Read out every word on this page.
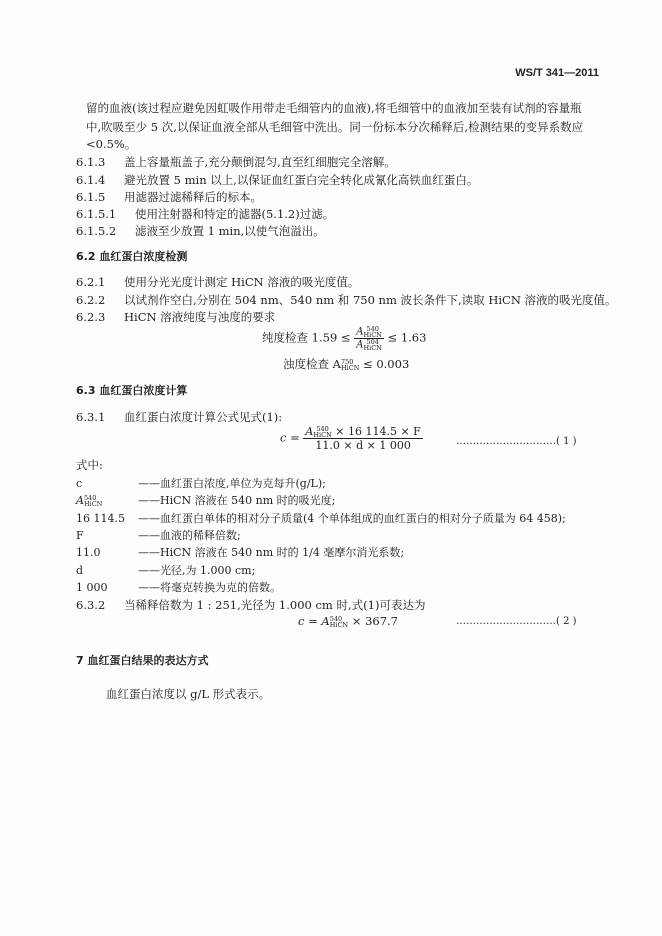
WS/T 341—2011
留的血液(该过程应避免因虹吸作用带走毛细管内的血液),将毛细管中的血液加至装有试剂的容量瓶
中,吹吸至少 5 次,以保证血液全部从毛细管中洗出。同一份标本分次稀释后,检测结果的变异系数应
<0.5%。
6.1.3 盖上容量瓶盖子,充分颠倒混匀,直至红细胞完全溶解。
6.1.4 避光放置 5 min 以上,以保证血红蛋白完全转化成氰化高铁血红蛋白。
6.1.5 用滤器过滤稀释后的标本。
6.1.5.1 使用注射器和特定的滤器(5.1.2)过滤。
6.1.5.2 滤液至少放置 1 min,以使气泡溢出。
6.2 血红蛋白浓度检测
6.2.1 使用分光光度计测定 HiCN 溶液的吸光度值。
6.2.2 以试剂作空白,分别在 504 nm、540 nm 和 750 nm 波长条件下,读取 HiCN 溶液的吸光度值。
6.2.3 HiCN 溶液纯度与浊度的要求
纯度检查 1.59 ≤ A 540
HiCN
A 504
HiCN ≤ 1.63
浊度检查 A 750
HiCN ≤ 0.003
6.3 血红蛋白浓度计算
6.3.1 血红蛋白浓度计算公式见式(1):
c = A 540
HiCN × 16 114.5 × F
11.0 × d × 1 000	…………………………( 1 )
式中:
c	——血红蛋白浓度,单位为克每升(g/L);
A 540
HiCN	——HiCN 溶液在 540 nm 时的吸光度;
16 114.5 ——血红蛋白单体的相对分子质量(4 个单体组成的血红蛋白的相对分子质量为 64 458);
F	——血液的稀释倍数;
11.0	——HiCN 溶液在 540 nm 时的 1/4 毫摩尔消光系数;
d	——光径,为 1.000 cm;
1 000	——将毫克转换为克的倍数。
6.3.2 当稀释倍数为 1 : 251,光径为 1.000 cm 时,式(1)可表达为
c = A 540
HiCN × 367.7	…………………………( 2 )
7 血红蛋白结果的表达方式
血红蛋白浓度以 g/L 形式表示。
